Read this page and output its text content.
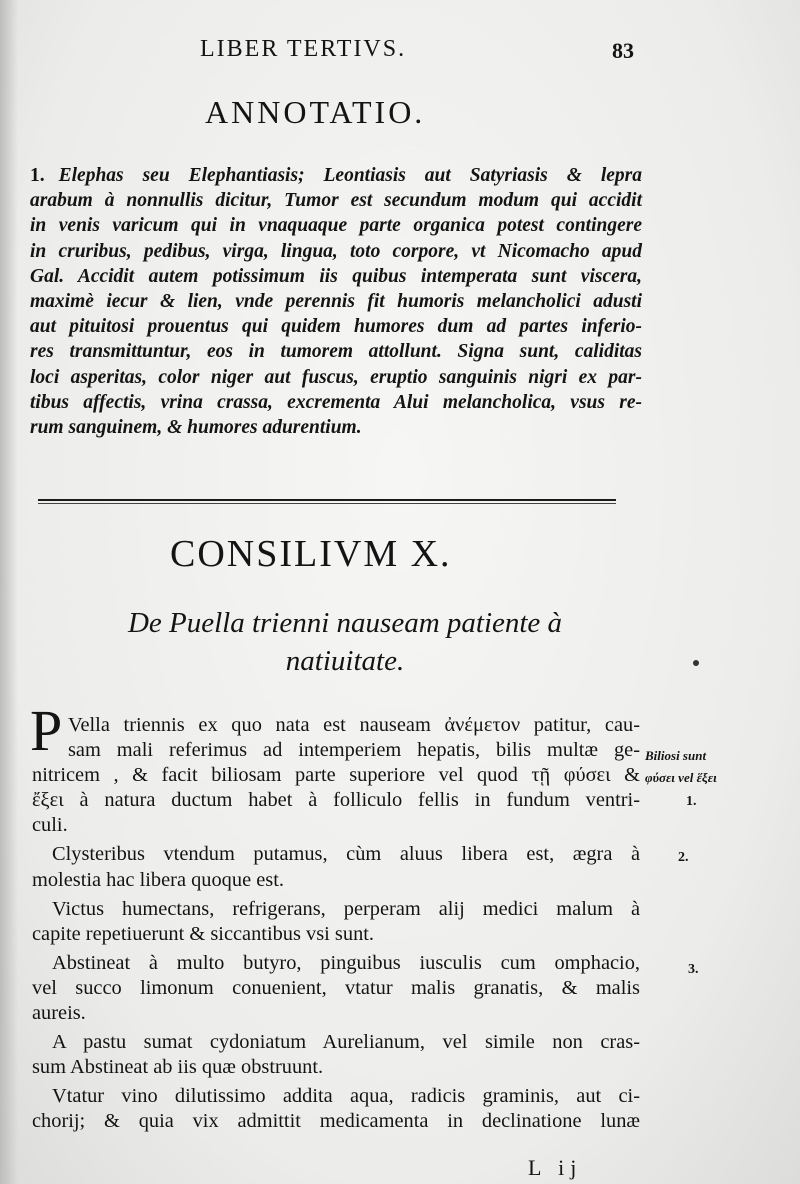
LIBER TERTIVS.	83
ANNOTATIO.
1. Elephas seu Elephantiasis; Leontiasis aut Satyriasis & lepra
arabum à nonnullis dicitur, Tumor est secundum modum qui accidit
in venis varicum qui in vnaquaque parte organica potest contingere
in cruribus, pedibus, virga, lingua, toto corpore, vt Nicomacho apud
Gal. Accidit autem potissimum iis quibus intemperata sunt viscera,
maximè iecur & lien, vnde perennis fit humoris melancholici adusti
aut pituitosi prouentus qui quidem humores dum ad partes inferio-
res transmittuntur, eos in tumorem attollunt. Signa sunt, caliditas
loci asperitas, color niger aut fuscus, eruptio sanguinis nigri ex par-
tibus affectis, vrina crassa, excrementa Alui melancholica, vsus re-
rum sanguinem, & humores adurentium.
CONSILIVM X.
De Puella trienni nauseam patiente à
natiuitate.
P Vella triennis ex quo nata est nauseam ἀνέμετον patitur, cau-
sam mali referimus ad intemperiem hepatis, bilis multæ ge-
nitricem , & facit biliosam parte superiore vel quod τῇ φύσει &
ἔξει à natura ductum habet à folliculo fellis in fundum ventri-
culi.
Clysteribus vtendum putamus, cùm aluus libera est, ægra à
molestia hac libera quoque est.
Victus humectans, refrigerans, perperam alij medici malum à
capite repetiuerunt & siccantibus vsi sunt.
Abstineat à multo butyro, pinguibus iusculis cum omphacio,
vel succo limonum conuenient, vtatur malis granatis, & malis
aureis.
A pastu sumat cydoniatum Aurelianum, vel simile non cras-
sum Abstineat ab iis quæ obstruunt.
Vtatur vino dilutissimo addita aqua, radicis graminis, aut ci-
chorij; & quia vix admittit medicamenta in declinatione lunæ
Biliosi sunt
φύσει vel ἕξει
1.
2.
3.
L ij
